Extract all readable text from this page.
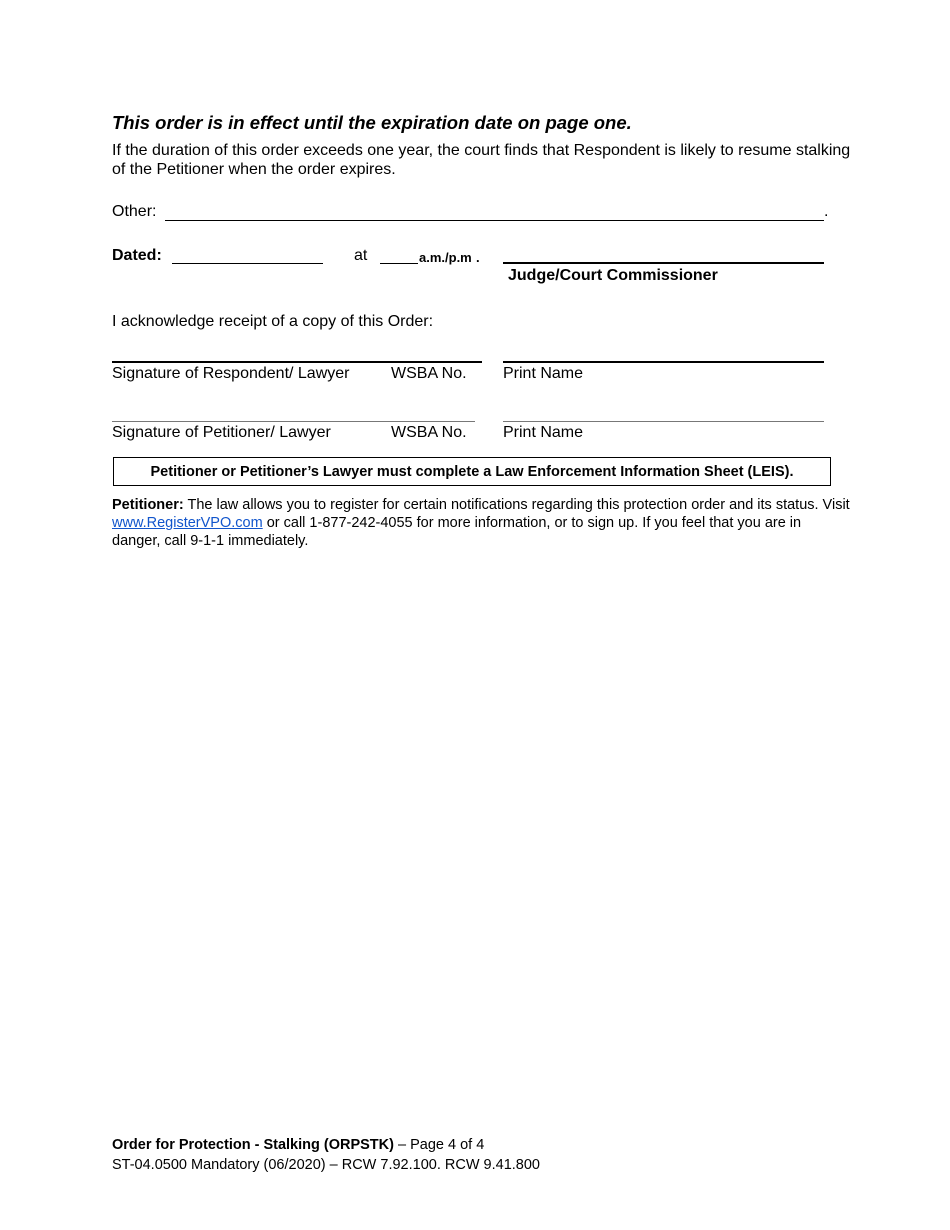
This order is in effect until the expiration date on page one.
If the duration of this order exceeds one year, the court finds that Respondent is likely to resume stalking of the Petitioner when the order expires.
Other:	.
Dated:	at	a.m./p.m .
Judge/Court Commissioner
I acknowledge receipt of a copy of this Order:
Signature of Respondent/ Lawyer	WSBA No. Print Name
Signature of Petitioner/ Lawyer	WSBA No. Print Name
Petitioner or Petitioner’s Lawyer must complete a Law Enforcement Information Sheet (LEIS).
Petitioner: The law allows you to register for certain notifications regarding this protection order and its status. Visit www.RegisterVPO.com or call 1-877-242-4055 for more information, or to sign up. If you feel that you are in danger, call 9-1-1 immediately.
Order for Protection - Stalking (ORPSTK) – Page 4 of 4
ST-04.0500 Mandatory (06/2020) – RCW 7.92.100. RCW 9.41.800
